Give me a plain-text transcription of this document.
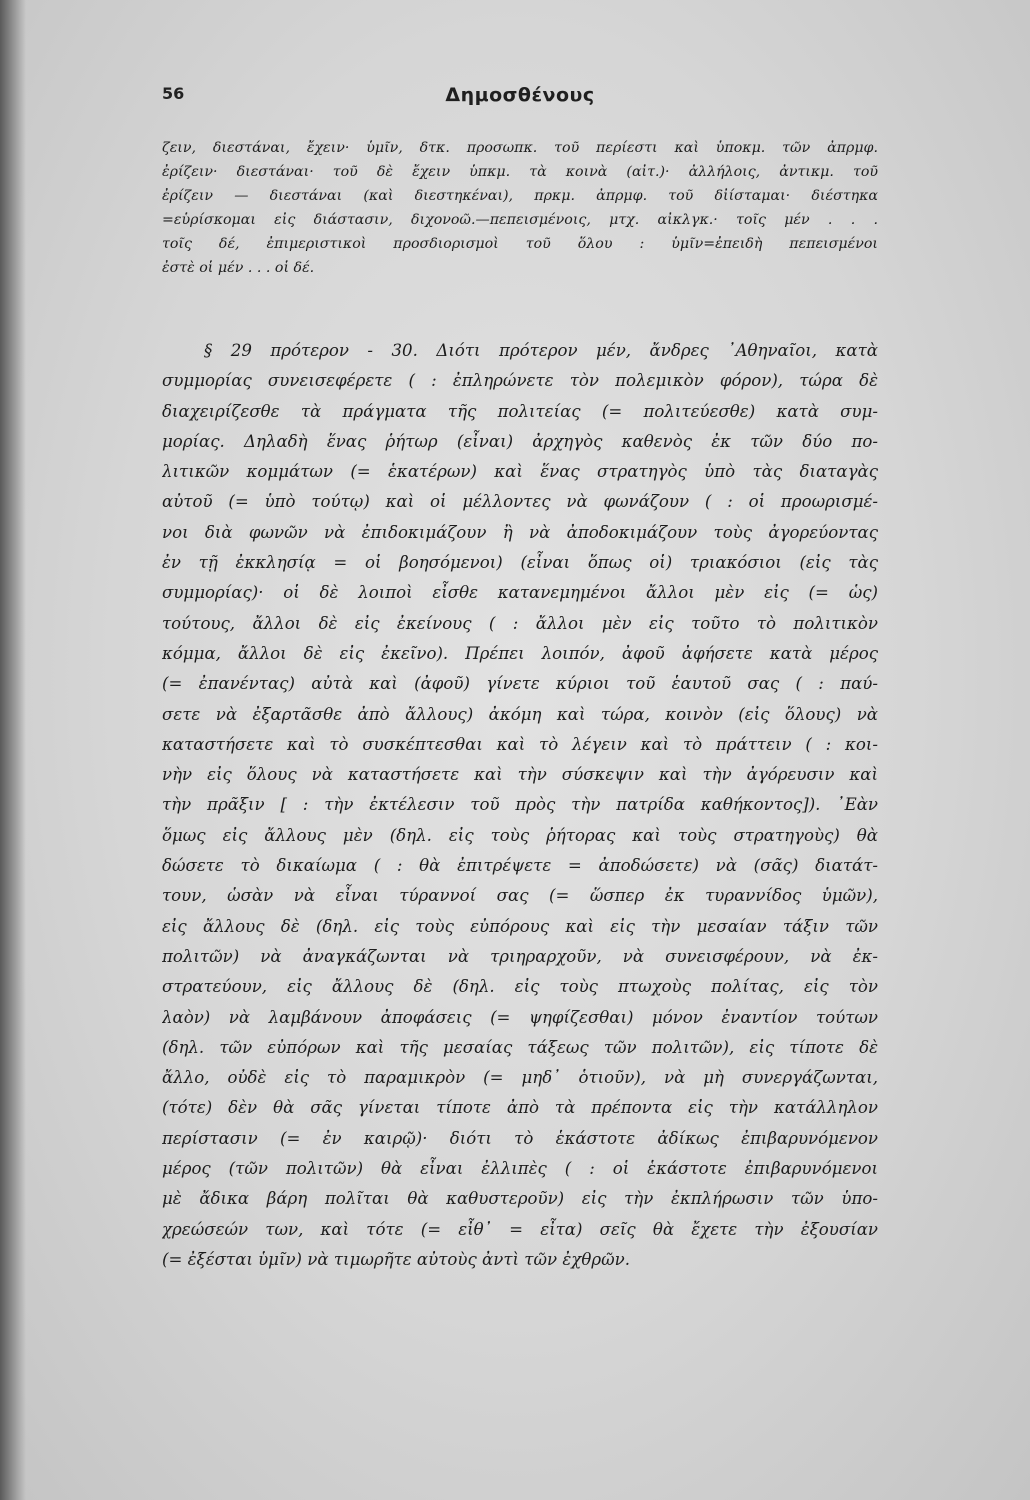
56	Δημοσθένους
ζειν, διεστάναι, ἔχειν· ὑμῖν, δτκ. προσωπκ. τοῦ περίεστι καὶ ὑποκμ. τῶν ἀπρμφ.
ἐρίζειν· διεστάναι· τοῦ δὲ ἔχειν ὑπκμ. τὰ κοινὰ (αἰτ.)· ἀλλήλοις, ἀντικμ. τοῦ
ἐρίζειν — διεστάναι (καὶ διεστηκέναι), πρκμ. ἀπρμφ. τοῦ δἰίσταμαι· διέστηκα
=εὑρίσκομαι εἰς διάστασιν, διχονοῶ.—πεπεισμένοις, μτχ. αἰκλγκ.· τοῖς μέν . . .
τοῖς δέ, ἐπιμεριστικοὶ προσδιορισμοὶ τοῦ ὅλου : ὑμῖν=ἐπειδὴ πεπεισμένοι
ἐστὲ οἱ μέν . . . οἱ δέ.
§ 29 πρότερον - 30. Διότι πρότερον μέν, ἄνδρες ᾿Αθηναῖοι, κατὰ
συμμορίας συνεισεφέρετε ( : ἐπληρώνετε τὸν πολεμικὸν φόρον), τώρα δὲ
διαχειρίζεσθε τὰ πράγματα τῆς πολιτείας (= πολιτεύεσθε) κατὰ συμ-
μορίας. Δηλαδὴ ἕνας ῥήτωρ (εἶναι) ἀρχηγὸς καθενὸς ἐκ τῶν δύο πο-
λιτικῶν κομμάτων (= ἑκατέρων) καὶ ἕνας στρατηγὸς ὑπὸ τὰς διαταγὰς
αὐτοῦ (= ὑπὸ τούτῳ) καὶ οἱ μέλλοντες νὰ φωνάζουν ( : οἱ προωρισμέ-
νοι διὰ φωνῶν νὰ ἐπιδοκιμάζουν ἢ νὰ ἀποδοκιμάζουν τοὺς ἀγορεύοντας
ἐν τῇ ἐκκλησίᾳ = οἱ βοησόμενοι) (εἶναι ὅπως οἱ) τριακόσιοι (εἰς τὰς
συμμορίας)· οἱ δὲ λοιποὶ εἶσθε κατανεμημένοι ἄλλοι μὲν εἰς (= ὡς)
τούτους, ἄλλοι δὲ εἰς ἐκείνους ( : ἄλλοι μὲν εἰς τοῦτο τὸ πολιτικὸν
κόμμα, ἄλλοι δὲ εἰς ἐκεῖνο). Πρέπει λοιπόν, ἀφοῦ ἀφήσετε κατὰ μέρος
(= ἐπανέντας) αὐτὰ καὶ (ἀφοῦ) γίνετε κύριοι τοῦ ἑαυτοῦ σας ( : παύ-
σετε νὰ ἐξαρτᾶσθε ἀπὸ ἄλλους) ἀκόμη καὶ τώρα, κοινὸν (εἰς ὅλους) νὰ
καταστήσετε καὶ τὸ συσκέπτεσθαι καὶ τὸ λέγειν καὶ τὸ πράττειν ( : κοι-
νὴν εἰς ὅλους νὰ καταστήσετε καὶ τὴν σύσκεψιν καὶ τὴν ἀγόρευσιν καὶ
τὴν πρᾶξιν [ : τὴν ἐκτέλεσιν τοῦ πρὸς τὴν πατρίδα καθήκοντος]). ᾿Εὰν
ὅμως εἰς ἄλλους μὲν (δηλ. εἰς τοὺς ῥήτορας καὶ τοὺς στρατηγοὺς) θὰ
δώσετε τὸ δικαίωμα ( : θὰ ἐπιτρέψετε = ἀποδώσετε) νὰ (σᾶς) διατάτ-
τουν, ὡσὰν νὰ εἶναι τύραννοί σας (= ὥσπερ ἐκ τυραννίδος ὑμῶν),
εἰς ἄλλους δὲ (δηλ. εἰς τοὺς εὐπόρους καὶ εἰς τὴν μεσαίαν τάξιν τῶν
πολιτῶν) νὰ ἀναγκάζωνται νὰ τριηραρχοῦν, νὰ συνεισφέρουν, νὰ ἐκ-
στρατεύουν, εἰς ἄλλους δὲ (δηλ. εἰς τοὺς πτωχοὺς πολίτας, εἰς τὸν
λαὸν) νὰ λαμβάνουν ἀποφάσεις (= ψηφίζεσθαι) μόνον ἐναντίον τούτων
(δηλ. τῶν εὐπόρων καὶ τῆς μεσαίας τάξεως τῶν πολιτῶν), εἰς τίποτε δὲ
ἄλλο, οὐδὲ εἰς τὸ παραμικρὸν (= μηδ᾿ ὁτιοῦν), νὰ μὴ συνεργάζωνται,
(τότε) δὲν θὰ σᾶς γίνεται τίποτε ἀπὸ τὰ πρέποντα εἰς τὴν κατάλληλον
περίστασιν (= ἐν καιρῷ)· διότι τὸ ἑκάστοτε ἀδίκως ἐπιβαρυνόμενον
μέρος (τῶν πολιτῶν) θὰ εἶναι ἐλλιπὲς ( : οἱ ἑκάστοτε ἐπιβαρυνόμενοι
μὲ ἄδικα βάρη πολῖται θὰ καθυστεροῦν) εἰς τὴν ἐκπλήρωσιν τῶν ὑπο-
χρεώσεών των, καὶ τότε (= εἶθ᾿ = εἶτα) σεῖς θὰ ἔχετε τὴν ἐξουσίαν
(= ἐξέσται ὑμῖν) νὰ τιμωρῆτε αὐτοὺς ἀντὶ τῶν ἐχθρῶν.
